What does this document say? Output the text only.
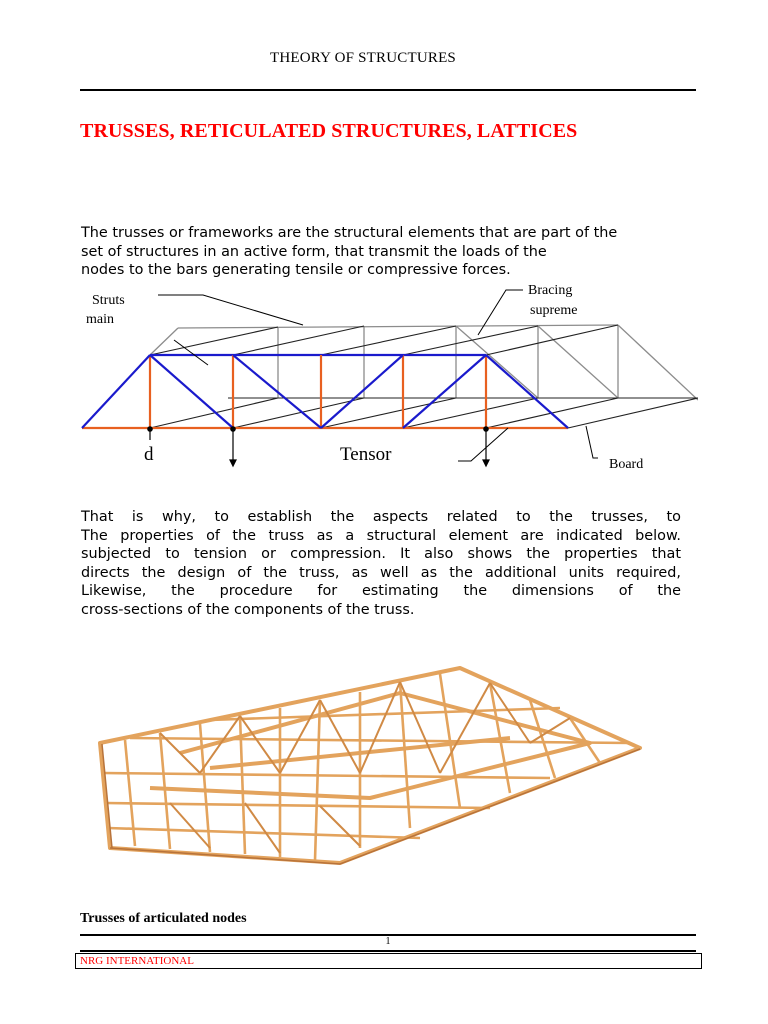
THEORY OF STRUCTURES
TRUSSES, RETICULATED STRUCTURES, LATTICES
The trusses or frameworks are the structural elements that are part of the
set of structures in an active form, that transmit the loads of the
nodes to the bars generating tensile or compressive forces.
Struts
main
Bracing
supreme
d	Tensor	Board
That is why, to establish the aspects related to the trusses, to
The properties of the truss as a structural element are indicated below.
subjected to tension or compression. It also shows the properties that
directs the design of the truss, as well as the additional units required,
Likewise, the procedure for estimating the dimensions of the
cross-sections of the components of the truss.

Trusses of articulated nodes

1

NRG INTERNATIONAL
